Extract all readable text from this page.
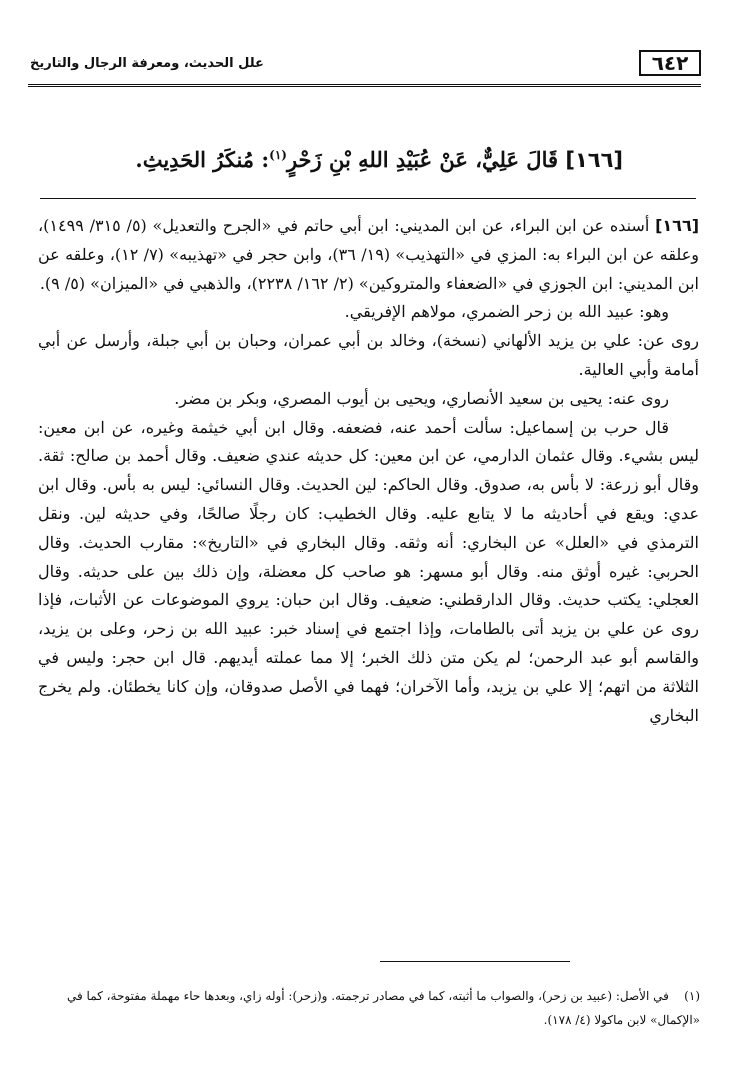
٦٤٢
علل الحديث، ومعرفة الرجال والتاريخ
[١٦٦] قَالَ عَلِيٌّ، عَنْ عُبَيْدِ اللهِ بْنِ زَحْرٍ$^{(١)}$: مُنكَرُ الحَدِيثِ.

[١٦٦] أسنده عن ابن البراء، عن ابن المديني: ابن أبي حاتم في «الجرح والتعديل» (٥/ ٣١٥/ ١٤٩٩)، وعلقه عن ابن البراء به: المزي في «التهذيب» (١٩/ ٣٦)، وابن حجر في «تهذيبه» (٧/ ١٢)، وعلقه عن ابن المديني: ابن الجوزي في «الضعفاء والمتروكين» (٢/ ١٦٢/ ٢٢٣٨)، والذهبي في «الميزان» (٥/ ٩).

وهو: عبيد الله بن زحر الضمري، مولاهم الإفريقي.

روى عن: علي بن يزيد الألهاني (نسخة)، وخالد بن أبي عمران، وحبان بن أبي جبلة، وأرسل عن أبي أمامة وأبي العالية.

روى عنه: يحيى بن سعيد الأنصاري، ويحيى بن أيوب المصري، وبكر بن مضر.

قال حرب بن إسماعيل: سألت أحمد عنه، فضعفه. وقال ابن أبي خيثمة وغيره، عن ابن معين: ليس بشيء. وقال عثمان الدارمي، عن ابن معين: كل حديثه عندي ضعيف. وقال أحمد بن صالح: ثقة. وقال أبو زرعة: لا بأس به، صدوق. وقال الحاكم: لين الحديث. وقال النسائي: ليس به بأس. وقال ابن عدي: ويقع في أحاديثه ما لا يتابع عليه. وقال الخطيب: كان رجلًا صالحًا، وفي حديثه لين. ونقل الترمذي في «العلل» عن البخاري: أنه وثقه. وقال البخاري في «التاريخ»: مقارب الحديث. وقال الحربي: غيره أوثق منه. وقال أبو مسهر: هو صاحب كل معضلة، وإن ذلك بين على حديثه. وقال العجلي: يكتب حديث. وقال الدارقطني: ضعيف. وقال ابن حبان: يروي الموضوعات عن الأثبات، فإذا روى عن علي بن يزيد أتى بالطامات، وإذا اجتمع في إسناد خبر: عبيد الله بن زحر، وعلى بن يزيد، والقاسم أبو عبد الرحمن؛ لم يكن متن ذلك الخبر؛ إلا مما عملته أيديهم. قال ابن حجر: وليس في الثلاثة من اتهم؛ إلا علي بن يزيد، وأما الآخران؛ فهما في الأصل صدوقان، وإن كانا يخطئان. ولم يخرج البخاري

(١)    في الأصل: (عبيد بن زحر)، والصواب ما أثبته، كما في مصادر ترجمته. و(زحر): أوله زاي، وبعدها حاء مهملة مفتوحة، كما في «الإكمال» لابن ماكولا (٤/ ١٧٨).
